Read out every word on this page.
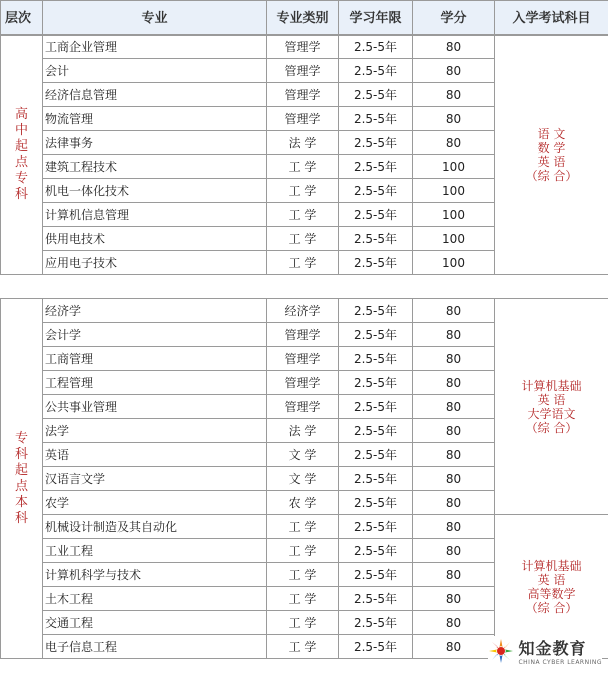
层次	专业	专业类别	学习年限	学分	入学考试科目
高中起点专科	工商企业管理	管理学	2.5-5年	80	语 文
数 学
英 语
（综 合）

	会计	管理学	2.5-5年	80	
	经济信息管理	管理学	2.5-5年	80	
	物流管理	管理学	2.5-5年	80	
	法律事务	法 学	2.5-5年	80	
	建筑工程技术	工 学	2.5-5年	100	
	机电一体化技术	工 学	2.5-5年	100	
	计算机信息管理	工 学	2.5-5年	100	
	供用电技术	工 学	2.5-5年	100	
	应用电子技术	工 学	2.5-5年	100	
专科起点本科	经济学	经济学	2.5-5年	80	计算机基础
英 语
大学语文
（综 合）

	会计学	管理学	2.5-5年	80	
	工商管理	管理学	2.5-5年	80	
	工程管理	管理学	2.5-5年	80	
	公共事业管理	管理学	2.5-5年	80	
	法学	法 学	2.5-5年	80	
	英语	文 学	2.5-5年	80	
	汉语言文学	文 学	2.5-5年	80	
	农学	农 学	2.5-5年	80	
	机械设计制造及其自动化	工 学	2.5-5年	80	计算机基础
英 语
高等数学
（综 合）

	工业工程	工 学	2.5-5年	80	
	计算机科学与技术	工 学	2.5-5年	80	
	土木工程	工 学	2.5-5年	80	
	交通工程	工 学	2.5-5年	80	
	电子信息工程	工 学	2.5-5年	80		知金教育
CHINA CYBER LEARNING
